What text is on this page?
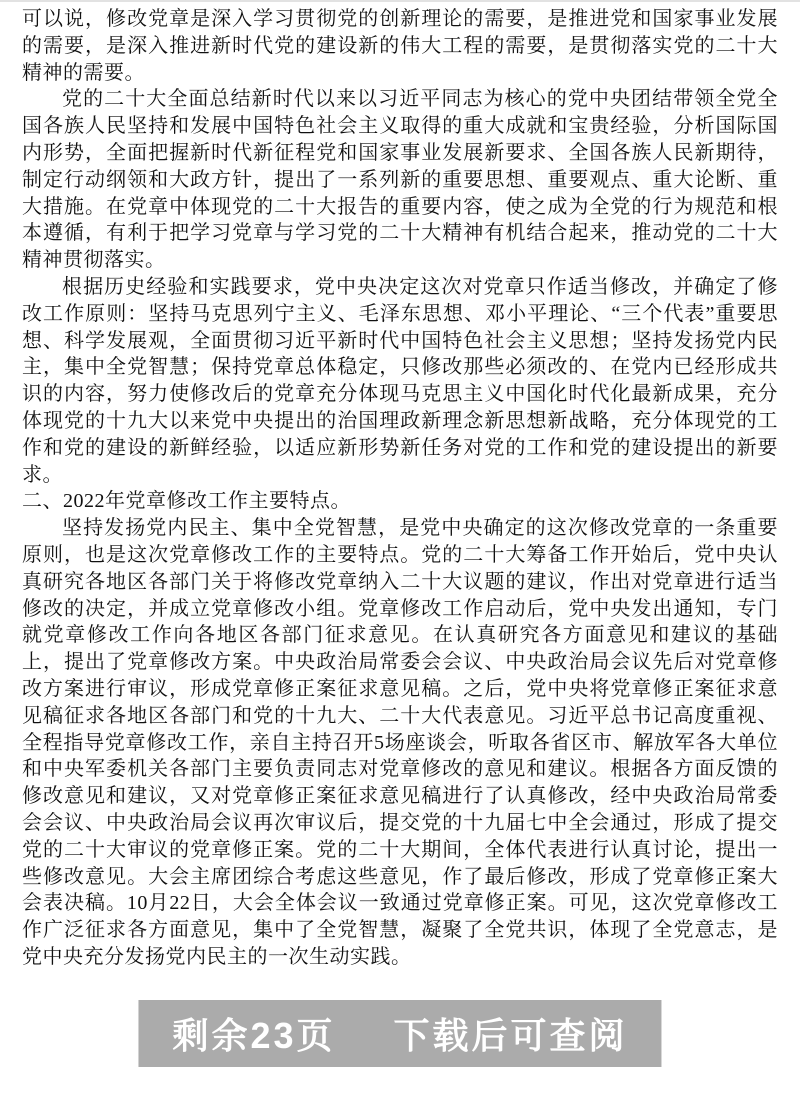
可以说，修改党章是深入学习贯彻党的创新理论的需要，是推进党和国家事业发展的需要，是深入推进新时代党的建设新的伟大工程的需要，是贯彻落实党的二十大精神的需要。

党的二十大全面总结新时代以来以习近平同志为核心的党中央团结带领全党全国各族人民坚持和发展中国特色社会主义取得的重大成就和宝贵经验，分析国际国内形势，全面把握新时代新征程党和国家事业发展新要求、全国各族人民新期待，制定行动纲领和大政方针，提出了一系列新的重要思想、重要观点、重大论断、重大措施。在党章中体现党的二十大报告的重要内容，使之成为全党的行为规范和根本遵循，有利于把学习党章与学习党的二十大精神有机结合起来，推动党的二十大精神贯彻落实。

根据历史经验和实践要求，党中央决定这次对党章只作适当修改，并确定了修改工作原则：坚持马克思列宁主义、毛泽东思想、邓小平理论、“三个代表”重要思想、科学发展观，全面贯彻习近平新时代中国特色社会主义思想；坚持发扬党内民主，集中全党智慧；保持党章总体稳定，只修改那些必须改的、在党内已经形成共识的内容，努力使修改后的党章充分体现马克思主义中国化时代化最新成果，充分体现党的十九大以来党中央提出的治国理政新理念新思想新战略，充分体现党的工作和党的建设的新鲜经验，以适应新形势新任务对党的工作和党的建设提出的新要求。

二、2022年党章修改工作主要特点。

坚持发扬党内民主、集中全党智慧，是党中央确定的这次修改党章的一条重要原则，也是这次党章修改工作的主要特点。党的二十大筹备工作开始后，党中央认真研究各地区各部门关于将修改党章纳入二十大议题的建议，作出对党章进行适当修改的决定，并成立党章修改小组。党章修改工作启动后，党中央发出通知，专门就党章修改工作向各地区各部门征求意见。在认真研究各方面意见和建议的基础上，提出了党章修改方案。中央政治局常委会会议、中央政治局会议先后对党章修改方案进行审议，形成党章修正案征求意见稿。之后，党中央将党章修正案征求意见稿征求各地区各部门和党的十九大、二十大代表意见。习近平总书记高度重视、全程指导党章修改工作，亲自主持召开5场座谈会，听取各省区市、解放军各大单位和中央军委机关各部门主要负责同志对党章修改的意见和建议。根据各方面反馈的修改意见和建议，又对党章修正案征求意见稿进行了认真修改，经中央政治局常委会会议、中央政治局会议再次审议后，提交党的十九届七中全会通过，形成了提交党的二十大审议的党章修正案。党的二十大期间，全体代表进行认真讨论，提出一些修改意见。大会主席团综合考虑这些意见，作了最后修改，形成了党章修正案大会表决稿。10月22日，大会全体会议一致通过党章修正案。可见，这次党章修改工作广泛征求各方面意见，集中了全党智慧，凝聚了全党共识，体现了全党意志，是党中央充分发扬党内民主的一次生动实践。

剩余23页 下载后可查阅
